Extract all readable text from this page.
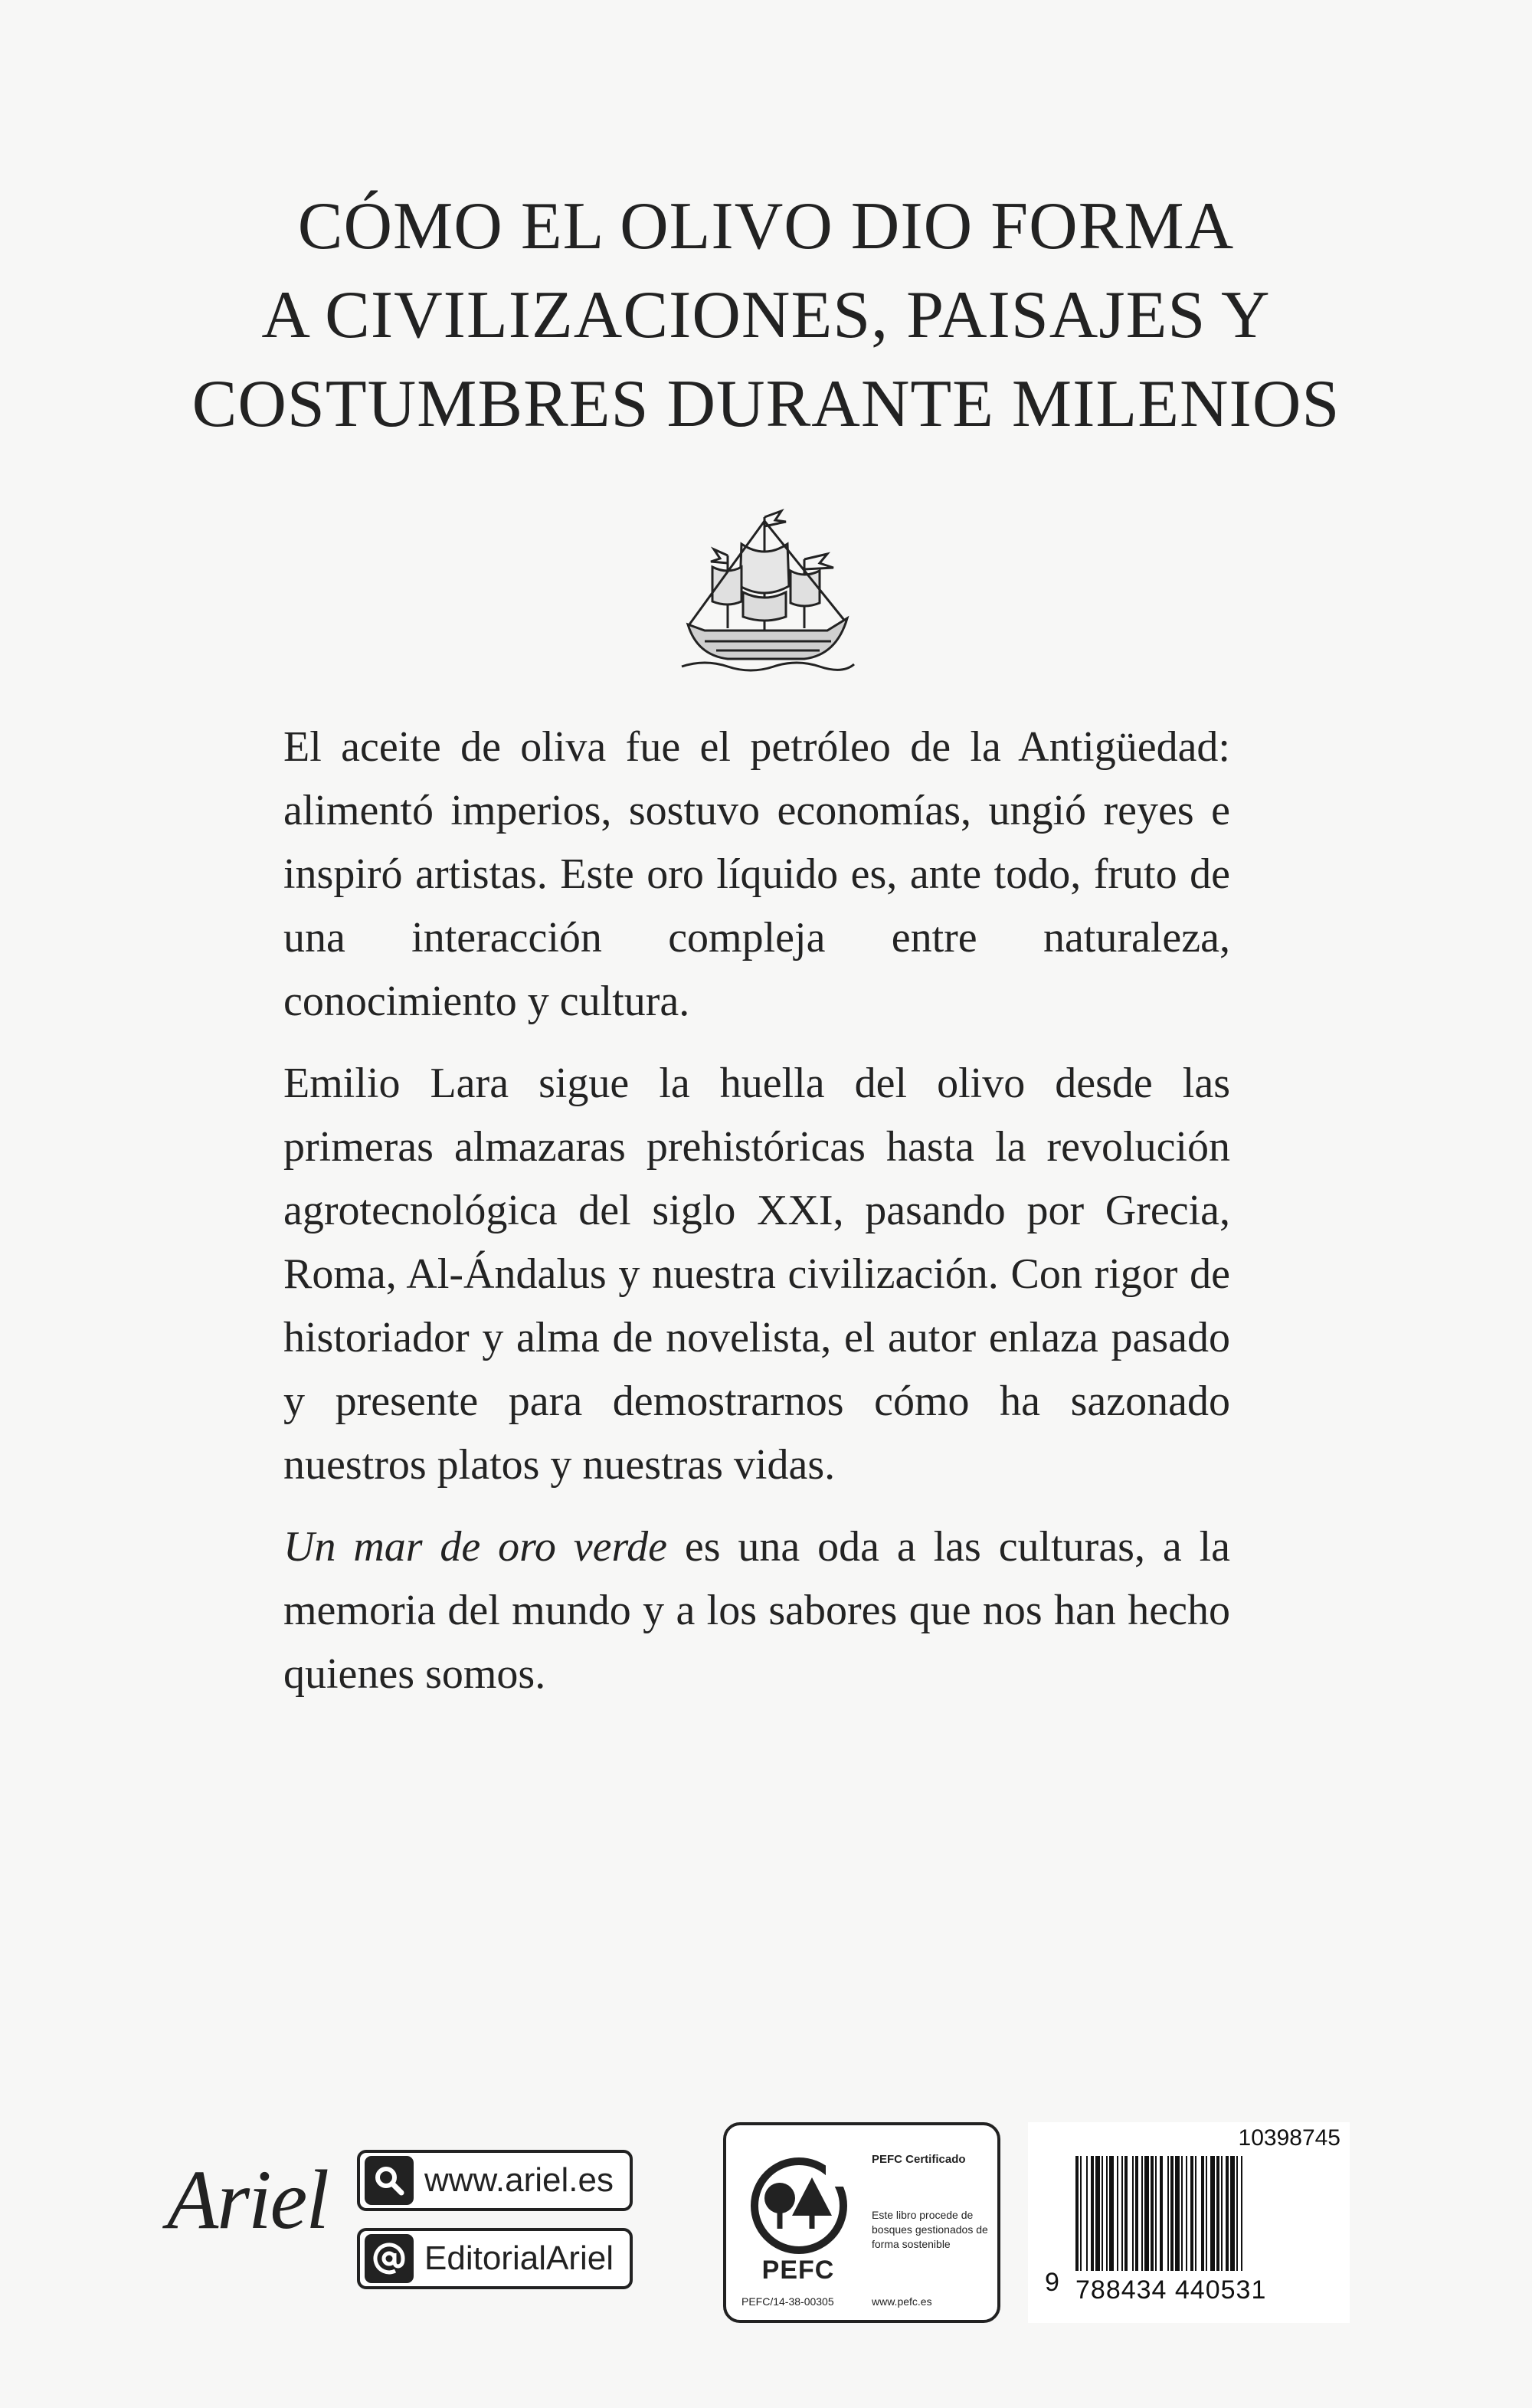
CÓMO EL OLIVO DIO FORMA
A CIVILIZACIONES, PAISAJES Y
COSTUMBRES DURANTE MILENIOS

El aceite de oliva fue el petróleo de la Antigüedad: alimentó imperios, sostuvo economías, ungió reyes e inspiró artistas. Este oro líquido es, ante todo, fruto de una interacción compleja entre naturaleza, conocimiento y cultura.

Emilio Lara sigue la huella del olivo desde las primeras almazaras prehistóricas hasta la revolución agrotecnológica del siglo XXI, pasando por Grecia, Roma, Al-Ándalus y nuestra civilización. Con rigor de historiador y alma de novelista, el autor enlaza pasado y presente para demostrarnos cómo ha sazonado nuestros platos y nuestras vidas.

Un mar de oro verde es una oda a las culturas, a la memoria del mundo y a los sabores que nos han hecho quienes somos.

Ariel	www.ariel.es
EditorialAriel	PEFC
PEFC/14-38-00305
PEFC Certificado
Este libro procede de bosques gestionados de forma sostenible
www.pefc.es
10398745
9 788434 440531
